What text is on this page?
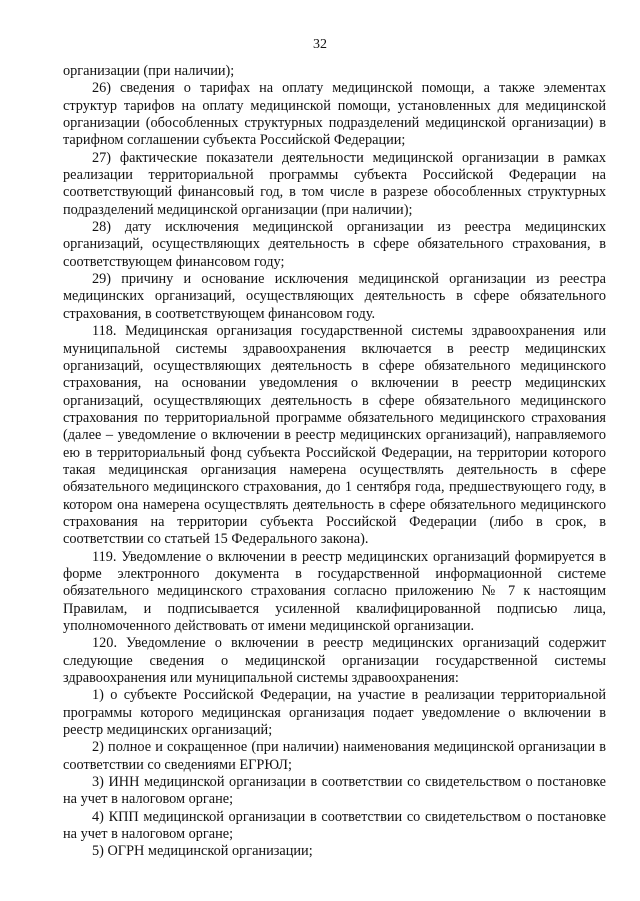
32

организации (при наличии);

26) сведения о тарифах на оплату медицинской помощи, а также элементах структур тарифов на оплату медицинской помощи, установленных для медицинской организации (обособленных структурных подразделений медицинской организации) в тарифном соглашении субъекта Российской Федерации;

27) фактические показатели деятельности медицинской организации в рамках реализации территориальной программы субъекта Российской Федерации на соответствующий финансовый год, в том числе в разрезе обособленных структурных подразделений медицинской организации (при наличии);

28) дату исключения медицинской организации из реестра медицинских организаций, осуществляющих деятельность в сфере обязательного страхования, в соответствующем финансовом году;

29) причину и основание исключения медицинской организации из реестра медицинских организаций, осуществляющих деятельность в сфере обязательного страхования, в соответствующем финансовом году.

118. Медицинская организация государственной системы здравоохранения или муниципальной системы здравоохранения включается в реестр медицинских организаций, осуществляющих деятельность в сфере обязательного медицинского страхования, на основании уведомления о включении в реестр медицинских организаций, осуществляющих деятельность в сфере обязательного медицинского страхования по территориальной программе обязательного медицинского страхования (далее – уведомление о включении в реестр медицинских организаций), направляемого ею в территориальный фонд субъекта Российской Федерации, на территории которого такая медицинская организация намерена осуществлять деятельность в сфере обязательного медицинского страхования, до 1 сентября года, предшествующего году, в котором она намерена осуществлять деятельность в сфере обязательного медицинского страхования на территории субъекта Российской Федерации (либо в срок, в соответствии со статьей 15 Федерального закона).

119. Уведомление о включении в реестр медицинских организаций формируется в форме электронного документа в государственной информационной системе обязательного медицинского страхования согласно приложению № 7 к настоящим Правилам, и подписывается усиленной квалифицированной подписью лица, уполномоченного действовать от имени медицинской организации.

120. Уведомление о включении в реестр медицинских организаций содержит следующие сведения о медицинской организации государственной системы здравоохранения или муниципальной системы здравоохранения:

1) о субъекте Российской Федерации, на участие в реализации территориальной программы которого медицинская организация подает уведомление о включении в реестр медицинских организаций;

2) полное и сокращенное (при наличии) наименования медицинской организации в соответствии со сведениями ЕГРЮЛ;

3) ИНН медицинской организации в соответствии со свидетельством о постановке на учет в налоговом органе;

4) КПП медицинской организации в соответствии со свидетельством о постановке на учет в налоговом органе;

5) ОГРН медицинской организации;
